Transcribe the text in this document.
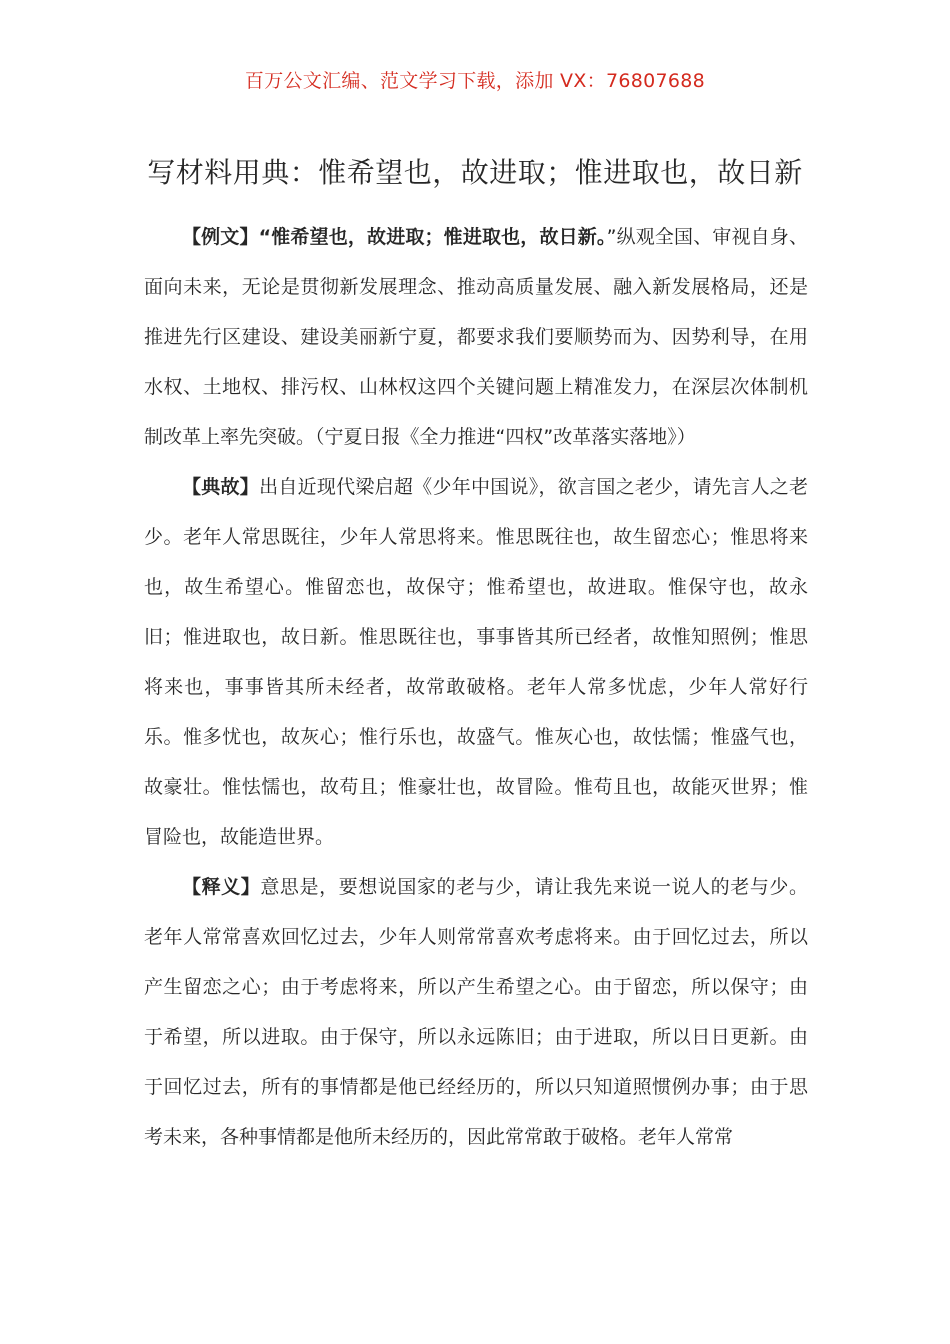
百万公文汇编、范文学习下载，添加 VX：76807688
写材料用典：惟希望也，故进取；惟进取也，故日新

【例文】“惟希望也，故进取；惟进取也，故日新。”纵观全国、审视自身、面向未来，无论是贯彻新发展理念、推动高质量发展、融入新发展格局，还是推进先行区建设、建设美丽新宁夏，都要求我们要顺势而为、因势利导，在用水权、土地权、排污权、山林权这四个关键问题上精准发力，在深层次体制机制改革上率先突破。（宁夏日报《全力推进“四权”改革落实落地》）

【典故】出自近现代梁启超《少年中国说》，欲言国之老少，请先言人之老少。老年人常思既往，少年人常思将来。惟思既往也，故生留恋心；惟思将来也，故生希望心。惟留恋也，故保守；惟希望也，故进取。惟保守也，故永旧；惟进取也，故日新。惟思既往也，事事皆其所已经者，故惟知照例；惟思将来也，事事皆其所未经者，故常敢破格。老年人常多忧虑，少年人常好行乐。惟多忧也，故灰心；惟行乐也，故盛气。惟灰心也，故怯懦；惟盛气也，故豪壮。惟怯懦也，故苟且；惟豪壮也，故冒险。惟苟且也，故能灭世界；惟冒险也，故能造世界。

【释义】意思是，要想说国家的老与少，请让我先来说一说人的老与少。老年人常常喜欢回忆过去，少年人则常常喜欢考虑将来。由于回忆过去，所以产生留恋之心；由于考虑将来，所以产生希望之心。由于留恋，所以保守；由于希望，所以进取。由于保守，所以永远陈旧；由于进取，所以日日更新。由于回忆过去，所有的事情都是他已经经历的，所以只知道照惯例办事；由于思考未来，各种事情都是他所未经历的，因此常常敢于破格。老年人常常
